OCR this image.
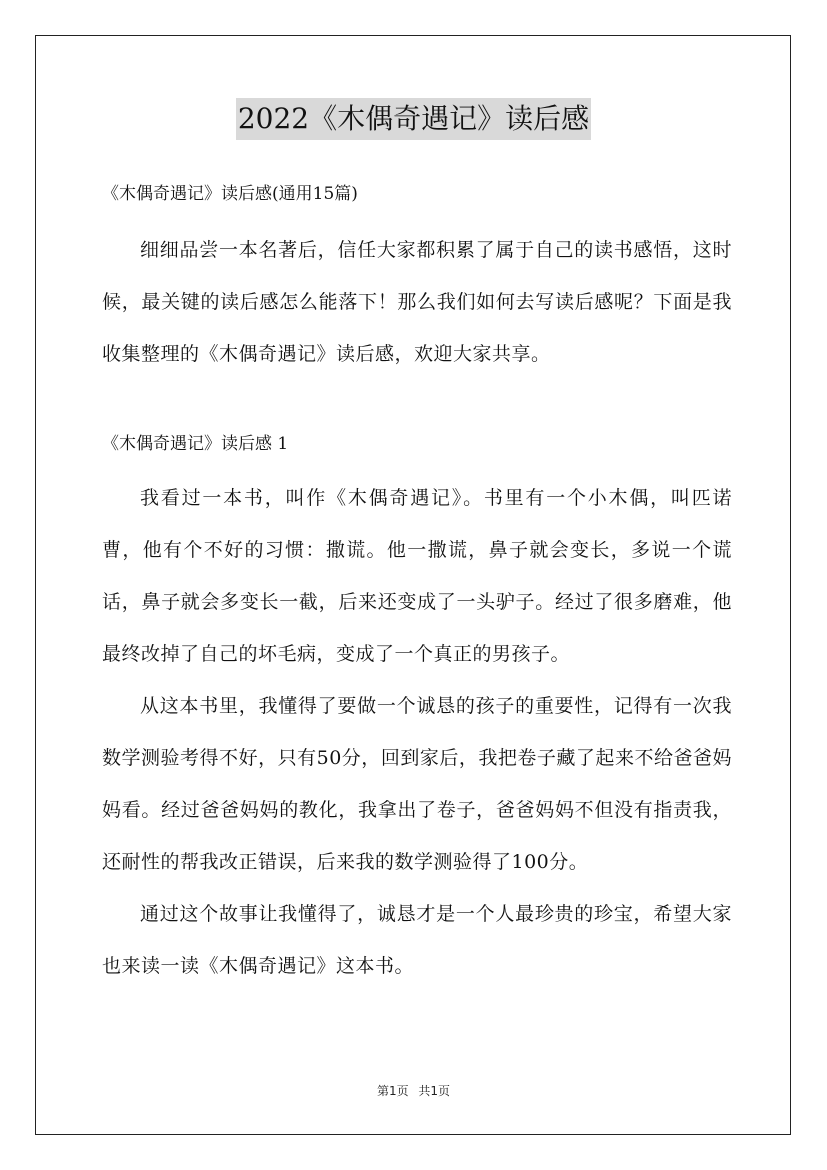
2022《木偶奇遇记》读后感

《木偶奇遇记》读后感(通用15篇)

细细品尝一本名著后，信任大家都积累了属于自己的读书感悟，这时候，最关键的读后感怎么能落下！那么我们如何去写读后感呢？下面是我收集整理的《木偶奇遇记》读后感，欢迎大家共享。

《木偶奇遇记》读后感 1

我看过一本书，叫作《木偶奇遇记》。书里有一个小木偶，叫匹诺曹，他有个不好的习惯：撒谎。他一撒谎，鼻子就会变长，多说一个谎话，鼻子就会多变长一截，后来还变成了一头驴子。经过了很多磨难，他最终改掉了自己的坏毛病，变成了一个真正的男孩子。

从这本书里，我懂得了要做一个诚恳的孩子的重要性，记得有一次我数学测验考得不好，只有50分，回到家后，我把卷子藏了起来不给爸爸妈妈看。经过爸爸妈妈的教化，我拿出了卷子，爸爸妈妈不但没有指责我，还耐性的帮我改正错误，后来我的数学测验得了100分。

通过这个故事让我懂得了，诚恳才是一个人最珍贵的珍宝，希望大家也来读一读《木偶奇遇记》这本书。

第1页 共1页
